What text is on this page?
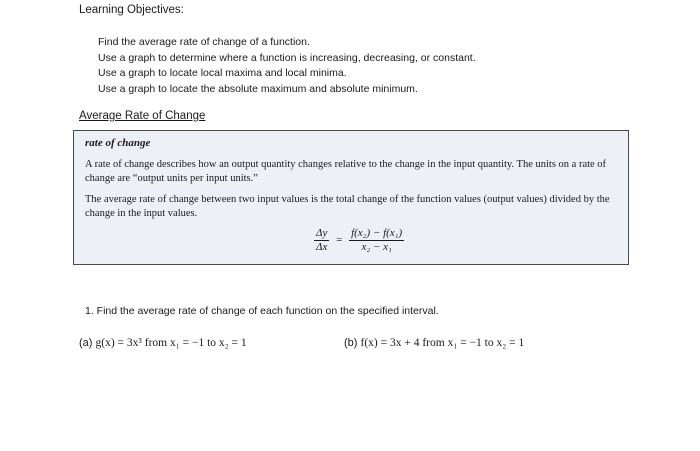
Learning Objectives:
Find the average rate of change of a function.
Use a graph to determine where a function is increasing, decreasing, or constant.
Use a graph to locate local maxima and local minima.
Use a graph to locate the absolute maximum and absolute minimum.
Average Rate of Change
rate of change

A rate of change describes how an output quantity changes relative to the change in the input quantity. The units on a rate of change are “output units per input units.”

The average rate of change between two input values is the total change of the function values (output values) divided by the change in the input values.

$\frac{\Delta y}{\Delta x} = \frac{\text{f(x₂) − f(x₁)}}{\text{x₂ − x₁}}$
1. Find the average rate of change of each function on the specified interval.
(a) g(x) = 3x³ from x₁ = −1 to x₂ = 1	(b) f(x) = 3x + 4 from x₁ = −1 to x₂ = 1
